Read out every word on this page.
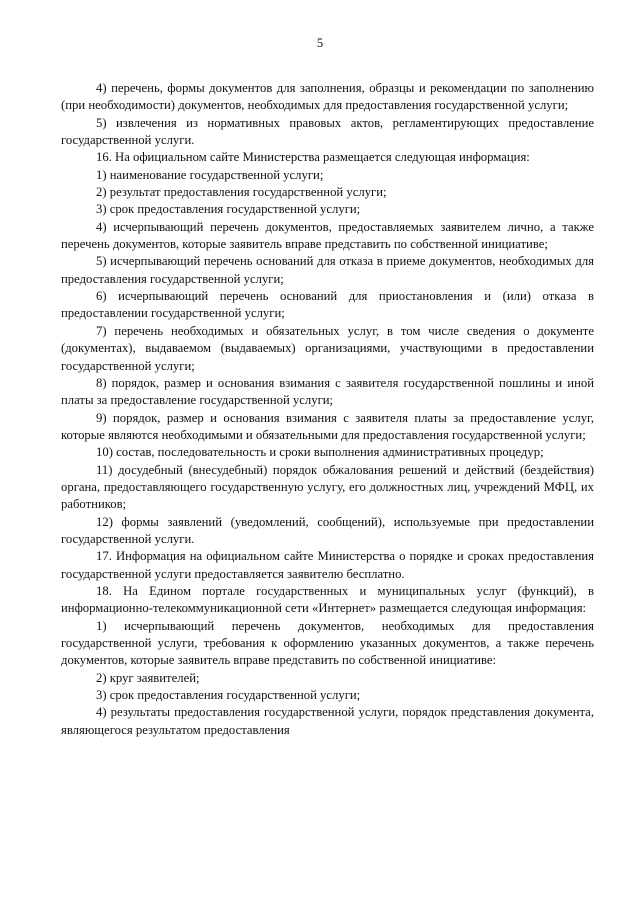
5

4) перечень, формы документов для заполнения, образцы и рекомендации по заполнению (при необходимости) документов, необходимых для предоставления государственной услуги;

5) извлечения из нормативных правовых актов, регламентирующих предоставление государственной услуги.

16. На официальном сайте Министерства размещается следующая информация:

1) наименование государственной услуги;

2) результат предоставления государственной услуги;

3) срок предоставления государственной услуги;

4) исчерпывающий перечень документов, предоставляемых заявителем лично, а также перечень документов, которые заявитель вправе представить по собственной инициативе;

5) исчерпывающий перечень оснований для отказа в приеме документов, необходимых для предоставления государственной услуги;

6) исчерпывающий перечень оснований для приостановления и (или) отказа в предоставлении государственной услуги;

7) перечень необходимых и обязательных услуг, в том числе сведения о документе (документах), выдаваемом (выдаваемых) организациями, участвующими в предоставлении государственной услуги;

8) порядок, размер и основания взимания с заявителя государственной пошлины и иной платы за предоставление государственной услуги;

9) порядок, размер и основания взимания с заявителя платы за предоставление услуг, которые являются необходимыми и обязательными для предоставления государственной услуги;

10) состав, последовательность и сроки выполнения административных процедур;

11) досудебный (внесудебный) порядок обжалования решений и действий (бездействия) органа, предоставляющего государственную услугу, его должностных лиц, учреждений МФЦ, их работников;

12) формы заявлений (уведомлений, сообщений), используемые при предоставлении государственной услуги.

17. Информация на официальном сайте Министерства о порядке и сроках предоставления государственной услуги предоставляется заявителю бесплатно.

18. На Едином портале государственных и муниципальных услуг (функций), в информационно-телекоммуникационной сети «Интернет» размещается следующая информация:

1) исчерпывающий перечень документов, необходимых для предоставления государственной услуги, требования к оформлению указанных документов, а также перечень документов, которые заявитель вправе представить по собственной инициативе:

2) круг заявителей;

3) срок предоставления государственной услуги;

4) результаты предоставления государственной услуги, порядок представления документа, являющегося результатом предоставления
